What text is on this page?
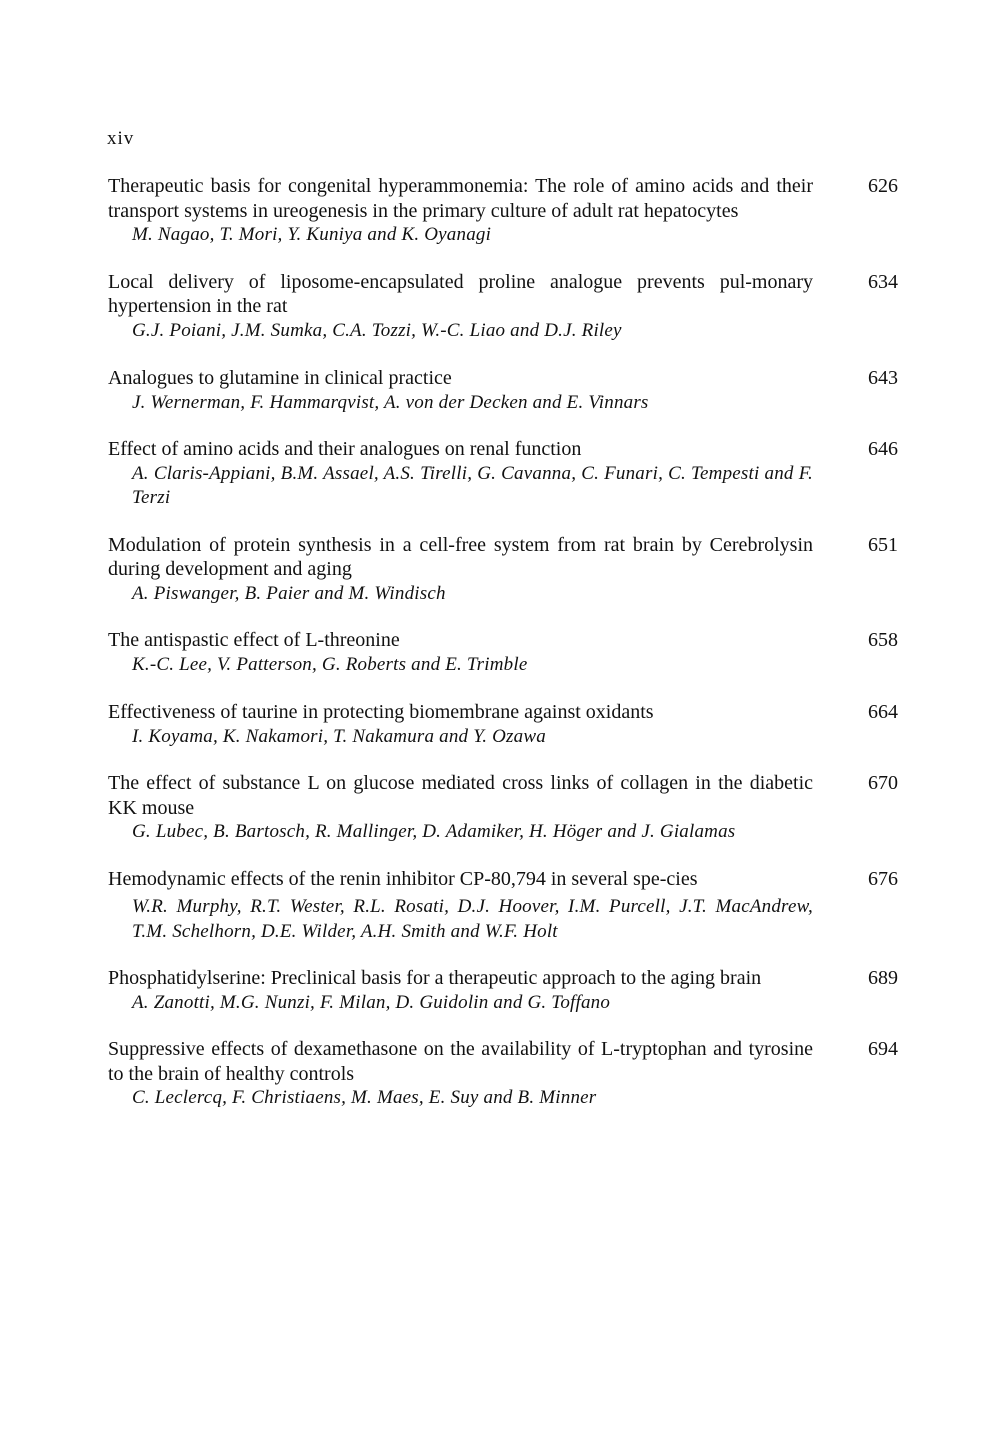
xiv

Therapeutic basis for congenital hyperammonemia: The role of amino acids and their transport systems in ureogenesis in the primary culture of adult rat hepatocytes

M. Nagao, T. Mori, Y. Kuniya and K. Oyanagi
626

Local delivery of liposome-encapsulated proline analogue prevents pul-monary hypertension in the rat

G.J. Poiani, J.M. Sumka, C.A. Tozzi, W.-C. Liao and D.J. Riley
634

Analogues to glutamine in clinical practice

J. Wernerman, F. Hammarqvist, A. von der Decken and E. Vinnars
643

Effect of amino acids and their analogues on renal function

A. Claris-Appiani, B.M. Assael, A.S. Tirelli, G. Cavanna, C. Funari, C. Tempesti and F. Terzi
646

Modulation of protein synthesis in a cell-free system from rat brain by Cerebrolysin during development and aging

A. Piswanger, B. Paier and M. Windisch
651

The antispastic effect of L-threonine

K.-C. Lee, V. Patterson, G. Roberts and E. Trimble
658

Effectiveness of taurine in protecting biomembrane against oxidants

I. Koyama, K. Nakamori, T. Nakamura and Y. Ozawa
664

The effect of substance L on glucose mediated cross links of collagen in the diabetic KK mouse

G. Lubec, B. Bartosch, R. Mallinger, D. Adamiker, H. Höger and J. Gialamas
670

Hemodynamic effects of the renin inhibitor CP-80,794 in several spe-cies

W.R. Murphy, R.T. Wester, R.L. Rosati, D.J. Hoover, I.M. Purcell, J.T. MacAndrew, T.M. Schelhorn, D.E. Wilder, A.H. Smith and W.F. Holt
676

Phosphatidylserine: Preclinical basis for a therapeutic approach to the aging brain

A. Zanotti, M.G. Nunzi, F. Milan, D. Guidolin and G. Toffano
689

Suppressive effects of dexamethasone on the availability of L-tryptophan and tyrosine to the brain of healthy controls

C. Leclercq, F. Christiaens, M. Maes, E. Suy and B. Minner
694
